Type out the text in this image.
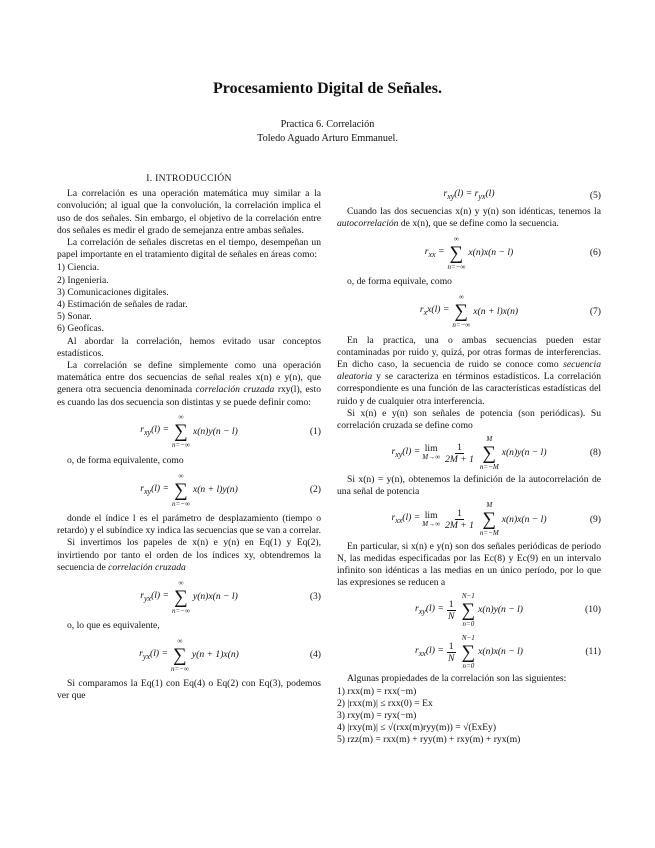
Procesamiento Digital de Señales.
Practica 6. Correlación
Toledo Aguado Arturo Emmanuel.
I. INTRODUCCIÓN

La correlación es una operación matemática muy similar a la convolución; al igual que la convolución, la correlación implica el uso de dos señales. Sin embargo, el objetivo de la correlación entre dos señales es medir el grado de semejanza entre ambas señales.

La correlación de señales discretas en el tiempo, desempeñan un papel importante en el tratamiento digital de señales en áreas como:

1) Ciencia.
2) Ingenieria.
3) Comunicaciones digitales.
4) Estimación de señales de radar.
5) Sonar.
6) Geofícas.

Al abordar la correlación, hemos evitado usar conceptos estadísticos.

La correlación se define simplemente como una operación matemática entre dos secuencias de señal reales x(n) e y(n), que genera otra secuencia denominada correlación cruzada rxy(l), esto es cuando las dos secuencia son distintas y se puede definir como:

$r_{xy}(l)$ =
∞
∑
n=−∞
x(n)y(n − l)	(1)

o, de forma equivalente, como

$r_{xy}(l)$ =
∞
∑
n=−∞
x(n + l)y(n)	(2)

donde el índice l es el parámetro de desplazamiento (tiempo o retardo) y el subíndice xy indica las secuencias que se van a correlar.

Si invertimos los papeles de x(n) e y(n) en Eq(1) y Eq(2), invirtiendo por tanto el orden de los índices xy, obtendremos la secuencia de correlación cruzada

$r_{yx}(l)$ =
∞
∑
n=−∞
y(n)x(n − l)	(3)

o, lo que es equivalente,

$r_{yx}(l)$ =
∞
∑
n=−∞
y(n + 1)x(n)	(4)

Si comparamos la Eq(1) con Eq(4) o Eq(2) con Eq(3), podemos ver que

$r_{xy}(l) = r_{yx}(l)$	(5)

Cuando las dos secuencias x(n) y y(n) son idénticas, tenemos la autocorrelación de x(n), que se define como la secuencia.

$r_{xx}$ =
∞
∑
n=−∞
x(n)x(n − l)	(6)

o, de forma equivale, como

$r_xx(l)$ =
∞
∑
n=−∞
x(n + l)x(n)	(7)

En la practica, una o ambas secuencias pueden estar contaminadas por ruido y, quizá, por otras formas de interferencias. En dicho caso, la secuencia de ruido se conoce como secuencia aleatoria y se caracteriza en términos estadísticos. La correlación correspondiente es una función de las características estadísticas del ruido y de cualquier otra interferencia.

Si x(n) e y(n) son señales de potencia (son periódicas). Su correlación cruzada se define como

$r_{xy}(l) = \lim$
$M\to\infty \frac{1}{2M + 1}$
M
∑
n=−M
x(n)y(n − l)	(8)

Si x(n) = y(n), obtenemos la definición de la autocorrelación de una señal de potencia

$r_{xx}(l) = \lim$
$M\to\infty \frac{1}{2M + 1}$
M
∑
n=−M
x(n)x(n − l)	(9)

En particular, si x(n) e y(n) son dos señales periódicas de período N, las medidas especificadas por las Ec(8) y Ec(9) en un intervalo infinito son idénticas a las medias en un único período, por lo que las expresiones se reducen a

$r_{xy}(l) = \frac{1}{N}$
N−1
∑
n=0
x(n)y(n − l)	(10)
$r_{xx}(l) = \frac{1}{N}$
N−1
∑
n=0
x(n)x(n − l)	(11)

Algunas propiedades de la correlación son las siguientes:

1) rxx(m) = rxx(−m)
2) |rxx(m)| ≤ rxx(0) = Ex
3) rxy(m) = ryx(−m)
4) |rxy(m)| ≤ √(rxx(m)ryy(m)) = √(ExEy)
5) rzz(m) = rxx(m) + ryy(m) + rxy(m) + ryx(m)
